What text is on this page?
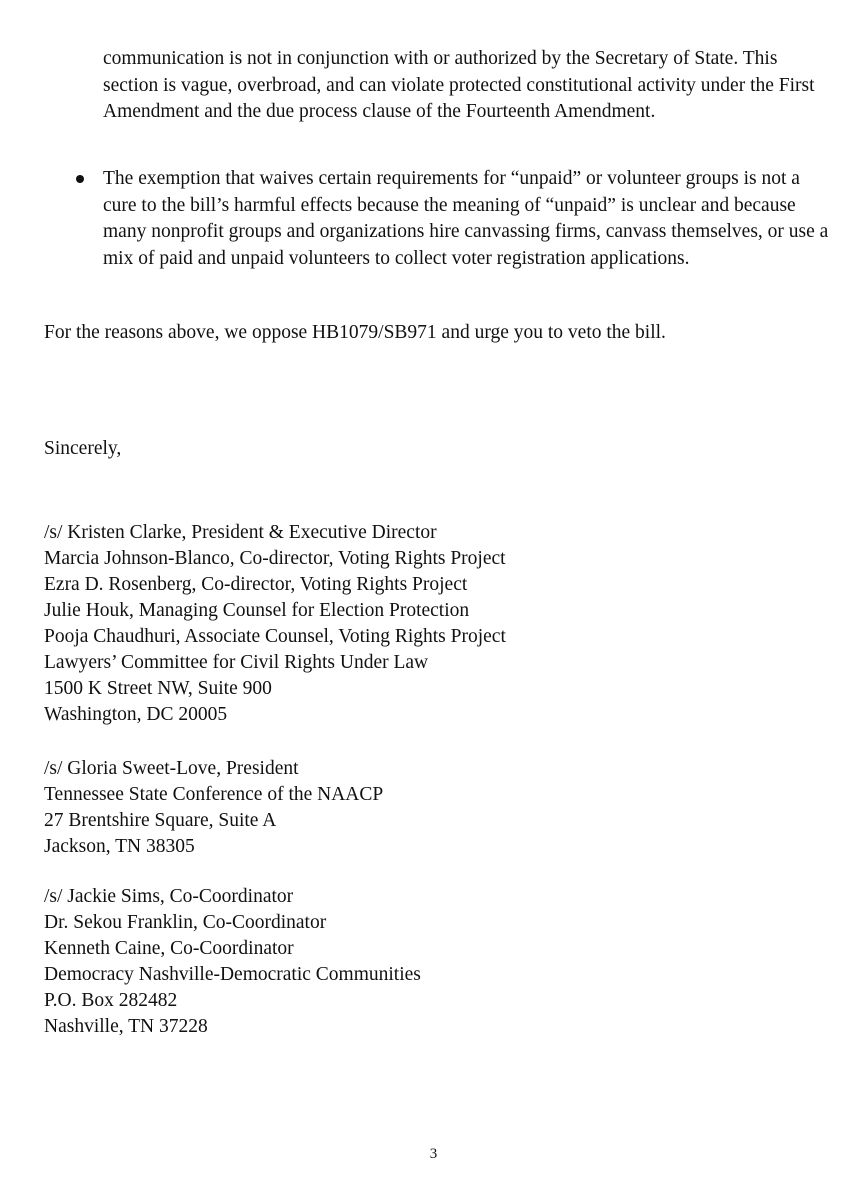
communication is not in conjunction with or authorized by the Secretary of State. This section is vague, overbroad, and can violate protected constitutional activity under the First Amendment and the due process clause of the Fourteenth Amendment.

The exemption that waives certain requirements for “unpaid” or volunteer groups is not a cure to the bill’s harmful effects because the meaning of “unpaid” is unclear and because many nonprofit groups and organizations hire canvassing firms, canvass themselves, or use a mix of paid and unpaid volunteers to collect voter registration applications.

For the reasons above, we oppose HB1079/SB971 and urge you to veto the bill.

Sincerely,

/s/ Kristen Clarke, President & Executive Director
Marcia Johnson-Blanco, Co-director, Voting Rights Project
Ezra D. Rosenberg, Co-director, Voting Rights Project
Julie Houk, Managing Counsel for Election Protection
Pooja Chaudhuri, Associate Counsel, Voting Rights Project
Lawyers’ Committee for Civil Rights Under Law
1500 K Street NW, Suite 900
Washington, DC 20005
/s/ Gloria Sweet-Love, President
Tennessee State Conference of the NAACP
27 Brentshire Square, Suite A
Jackson, TN 38305
/s/ Jackie Sims, Co-Coordinator
Dr. Sekou Franklin, Co-Coordinator
Kenneth Caine, Co-Coordinator
Democracy Nashville-Democratic Communities
P.O. Box 282482
Nashville, TN 37228
3
